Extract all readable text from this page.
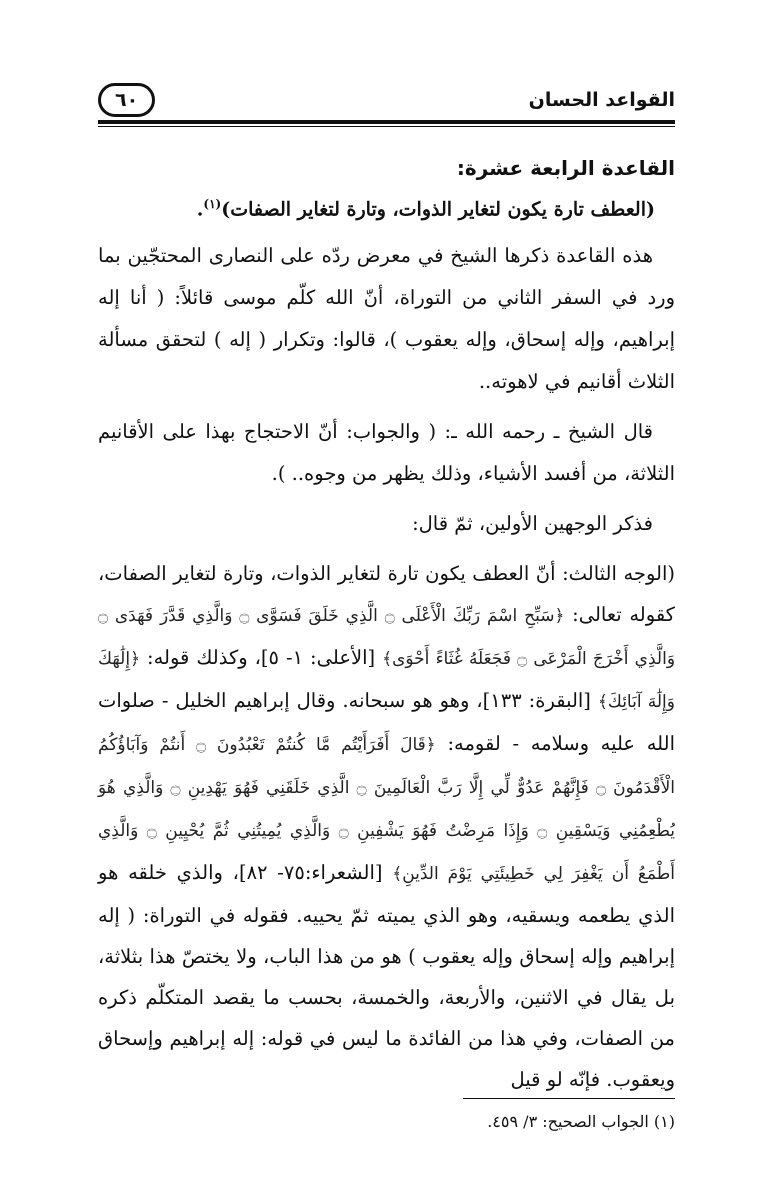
القواعد الحسان
٦٠
القاعدة الرابعة عشرة:
(العطف تارة يكون لتغاير الذوات، وتارة لتغاير الصفات)$^{(١)}$.

هذه القاعدة ذكرها الشيخ في معرض ردّه على النصارى المحتجّين بما ورد في السفر الثاني من التوراة، أنّ الله كلّم موسى قائلاً: ( أنا إله إبراهيم، وإله إسحاق، وإله يعقوب )، قالوا: وتكرار ( إله ) لتحقق مسألة الثلاث أقانيم في لاهوته..

قال الشيخ ـ رحمه الله ـ: ( والجواب: أنّ الاحتجاج بهذا على الأقانيم الثلاثة، من أفسد الأشياء، وذلك يظهر من وجوه.. ).

فذكر الوجهين الأولين، ثمّ قال:

(الوجه الثالث: أنّ العطف يكون تارة لتغاير الذوات، وتارة لتغاير الصفات، كقوله تعالى: ﴿سَبِّحِ اسْمَ رَبِّكَ الْأَعْلَى ۝ الَّذِي خَلَقَ فَسَوَّى ۝ وَالَّذِي قَدَّرَ فَهَدَى ۝ وَالَّذِي أَخْرَجَ الْمَرْعَى ۝ فَجَعَلَهُ غُثَاءً أَحْوَى﴾ [الأعلى: ١- ٥]، وكذلك قوله: ﴿إِلَٰهَكَ وَإِلَٰهَ آبَائِكَ﴾ [البقرة: ١٣٣]، وهو هو سبحانه. وقال إبراهيم الخليل - صلوات الله عليه وسلامه - لقومه: ﴿قَالَ أَفَرَأَيْتُم مَّا كُنتُمْ تَعْبُدُونَ ۝ أَنتُمْ وَآبَاؤُكُمُ الْأَقْدَمُونَ ۝ فَإِنَّهُمْ عَدُوٌّ لِّي إِلَّا رَبَّ الْعَالَمِينَ ۝ الَّذِي خَلَقَنِي فَهُوَ يَهْدِينِ ۝ وَالَّذِي هُوَ يُطْعِمُنِي وَيَسْقِينِ ۝ وَإِذَا مَرِضْتُ فَهُوَ يَشْفِينِ ۝ وَالَّذِي يُمِيتُنِي ثُمَّ يُحْيِينِ ۝ وَالَّذِي أَطْمَعُ أَن يَغْفِرَ لِي خَطِيئَتِي يَوْمَ الدِّينِ﴾ [الشعراء:٧٥- ٨٢]، والذي خلقه هو الذي يطعمه ويسقيه، وهو الذي يميته ثمّ يحييه. فقوله في التوراة: ( إله إبراهيم وإله إسحاق وإله يعقوب ) هو من هذا الباب، ولا يختصّ هذا بثلاثة، بل يقال في الاثنين، والأربعة، والخمسة، بحسب ما يقصد المتكلّم ذكره من الصفات، وفي هذا من الفائدة ما ليس في قوله: إله إبراهيم وإسحاق ويعقوب. فإنّه لو قيل

(١) الجواب الصحيح: ٣/ ٤٥٩.
